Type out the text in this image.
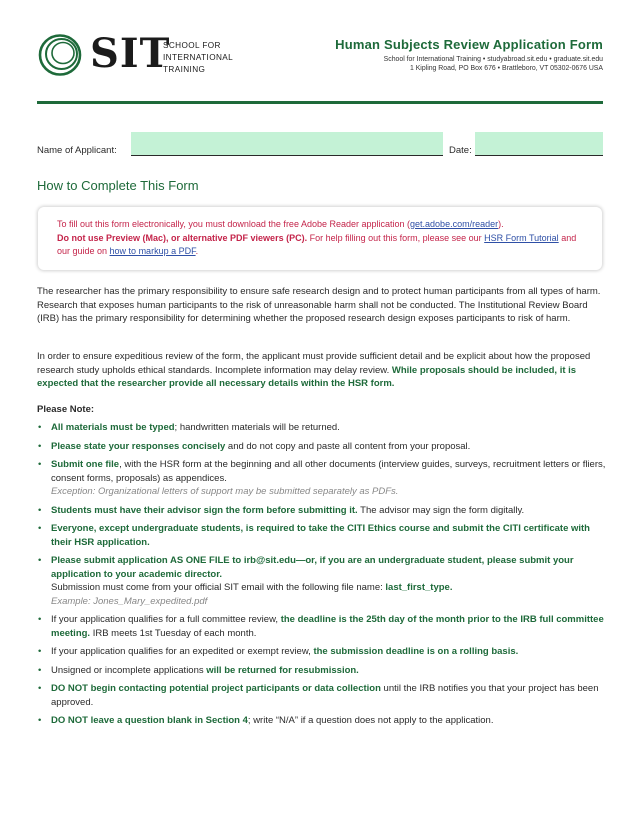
SIT
SCHOOL FOR
INTERNATIONAL
TRAINING
Human Subjects Review Application Form
School for International Training • studyabroad.sit.edu • graduate.sit.edu
1 Kipling Road, PO Box 676 • Brattleboro, VT 05302-0676 USA
Name of Applicant:	Date:
How to Complete This Form

To fill out this form electronically, you must download the free Adobe Reader application (get.adobe.com/reader).
Do not use Preview (Mac), or alternative PDF viewers (PC). For help filling out this form, please see our HSR Form Tutorial and our guide on how to markup a PDF.

The researcher has the primary responsibility to ensure safe research design and to protect human participants from all types of harm. Research that exposes human participants to the risk of unreasonable harm shall not be conducted. The Institutional Review Board (IRB) has the primary responsibility for determining whether the proposed research design exposes participants to risk of harm.

In order to ensure expeditious review of the form, the applicant must provide sufficient detail and be explicit about how the proposed research study upholds ethical standards. Incomplete information may delay review. While proposals should be included, it is expected that the researcher provide all necessary details within the HSR form.

Please Note:
• All materials must be typed; handwritten materials will be returned.
• Please state your responses concisely and do not copy and paste all content from your proposal.
• Submit one file, with the HSR form at the beginning and all other documents (interview guides, surveys, recruitment letters or fliers, consent forms, proposals) as appendices.
Exception: Organizational letters of support may be submitted separately as PDFs.
• Students must have their advisor sign the form before submitting it. The advisor may sign the form digitally.
• Everyone, except undergraduate students, is required to take the CITI Ethics course and submit the CITI certificate with their HSR application.
• Please submit application AS ONE FILE to irb@sit.edu—or, if you are an undergraduate student, please submit your application to your academic director.
Submission must come from your official SIT email with the following file name: last_first_type.
Example: Jones_Mary_expedited.pdf
• If your application qualifies for a full committee review, the deadline is the 25th day of the month prior to the IRB full committee meeting. IRB meets 1st Tuesday of each month.
• If your application qualifies for an expedited or exempt review, the submission deadline is on a rolling basis.
• Unsigned or incomplete applications will be returned for resubmission.
• DO NOT begin contacting potential project participants or data collection until the IRB notifies you that your project has been approved.
• DO NOT leave a question blank in Section 4; write “N/A” if a question does not apply to the application.
